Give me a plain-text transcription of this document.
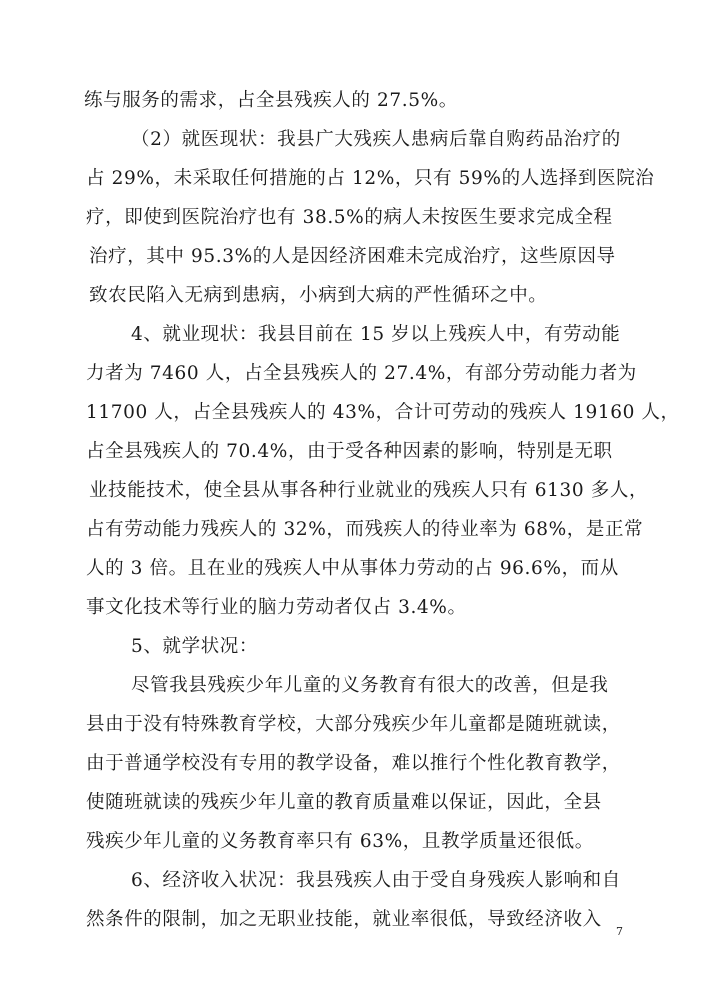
练与服务的需求，占全县残疾人的 27.5%。
（2）就医现状：我县广大残疾人患病后靠自购药品治疗的
占 29%，未采取任何措施的占 12%，只有 59%的人选择到医院治
疗，即使到医院治疗也有 38.5%的病人未按医生要求完成全程
治疗，其中 95.3%的人是因经济困难未完成治疗，这些原因导
致农民陷入无病到患病，小病到大病的严性循环之中。
4、就业现状：我县目前在 15 岁以上残疾人中，有劳动能
力者为 7460 人，占全县残疾人的 27.4%，有部分劳动能力者为
11700 人，占全县残疾人的 43%，合计可劳动的残疾人 19160 人，
占全县残疾人的 70.4%，由于受各种因素的影响，特别是无职
业技能技术，使全县从事各种行业就业的残疾人只有 6130 多人，
占有劳动能力残疾人的 32%，而残疾人的待业率为 68%，是正常
人的 3 倍。且在业的残疾人中从事体力劳动的占 96.6%，而从
事文化技术等行业的脑力劳动者仅占 3.4%。
5、就学状况：
尽管我县残疾少年儿童的义务教育有很大的改善，但是我
县由于没有特殊教育学校，大部分残疾少年儿童都是随班就读，
由于普通学校没有专用的教学设备，难以推行个性化教育教学，
使随班就读的残疾少年儿童的教育质量难以保证，因此，全县
残疾少年儿童的义务教育率只有 63%，且教学质量还很低。
6、经济收入状况：我县残疾人由于受自身残疾人影响和自
然条件的限制，加之无职业技能，就业率很低，导致经济收入
7
